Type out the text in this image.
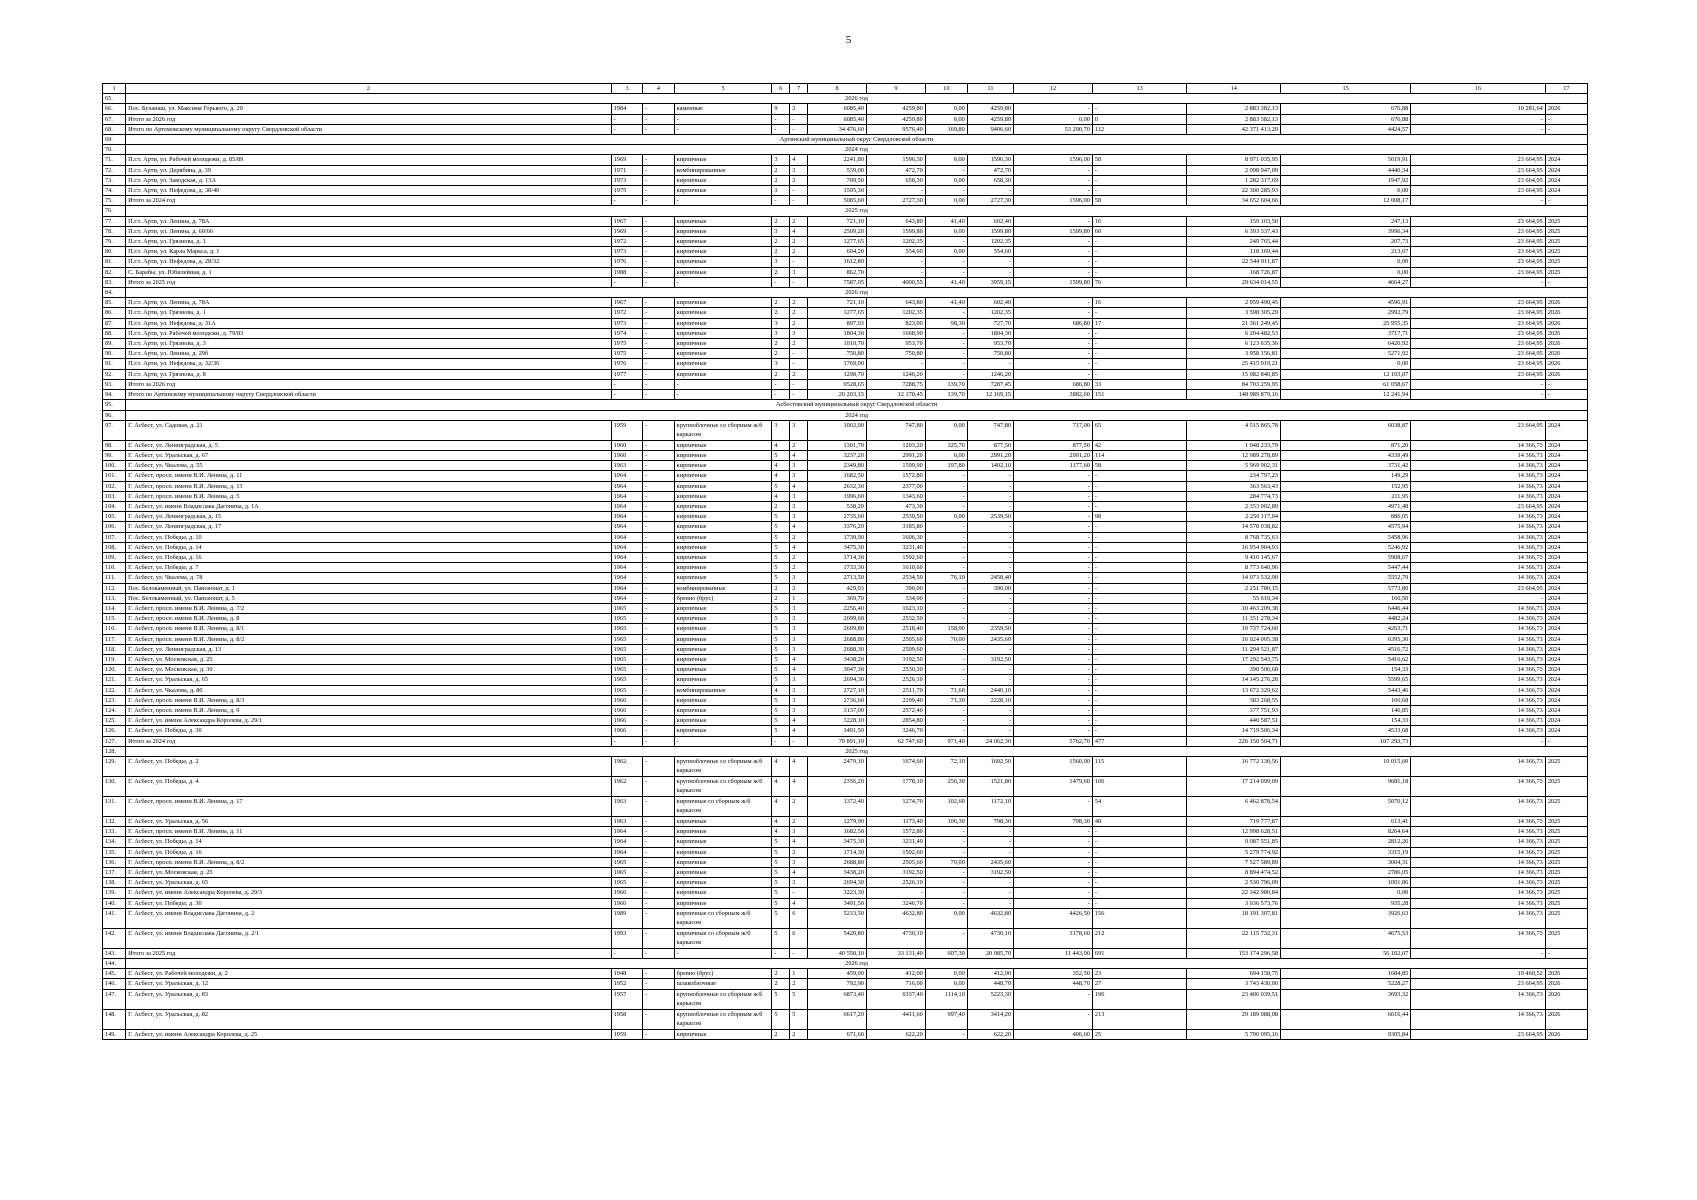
5
1	2	3	4	5	6	7	8	9	10	11	12	13	14	15	16	17
65.	2026 год															
66.	Пос. Буланаш, ул. Максима Горького, д. 29	1984	-	каменные	9	2	6085,40	4259,80	0,00	4259,80	-	-	2 883 382,13	676,88	10 281,64	2026
67.	Итого за 2026 год	-	-	-	-	-	6085,40	4259,80	0,00	4259,80	0,00	0	2 883 382,13	676,88	-	-
68.	Итого по Артемовскому муниципальному округу Свердловской области	-	-	-	-	-	34 476,60	9576,40	169,80	9406,60	53 290,70	112	42 371 413,20	4424,57	-	-
69.	Артинский муниципальный округ Свердловской области															
70.	2024 год															
71.	П.г.т. Арти, ул. Рабочей молодежи, д. 85/89	1969	-	кирпичные	3	4	2241,80	1596,30	0,00	1596,30	1596,00	58	8 971 035,95	5619,91	23 664,95	2024
72.	П.г.т. Арти, ул. Дерябина, д. 39	1971	-	комбинированные	2	3	539,00	472,70	-	472,70	-	-	2 098 947,09	4440,34	23 664,95	2024
73.	П.г.т. Арти, ул. Заводская, д. 13А	1973	-	кирпичные	2	2	709,50	658,30	0,00	658,30	-	-	1 282 317,69	1947,92	23 664,95	2024
74.	П.г.т. Арти, ул. Нефедова, д. 38/40	1975	-	кирпичные	3	-	1595,30	-	-	-	-	-	22 300 285,93	0,00	23 664,95	2024
75.	Итого за 2024 год	-	-	-	-	-	5085,60	2727,30	0,00	2727,30	1596,00	58	34 652 604,66	12 008,17	-	-
76.	2025 год															
77.	П.г.т. Арти, ул. Ленина, д. 78А	1967	-	кирпичные	2	2	721,10	643,80	41,40	602,40	-	16	159 103,50	247,13	23 664,95	2025
78.	П.г.т. Арти, ул. Ленина, д. 60/66	1969	-	кирпичные	3	4	2509,20	1599,80	0,00	1599,80	1599,80	60	6 393 337,43	3996,34	23 664,95	2025
79.	П.г.т. Арти, ул. Грязнова, д. 1	1972	-	кирпичные	2	2	1277,65	1202,35	-	1202,35	-	-	249 765,44	207,73	23 664,95	2025
80.	П.г.т. Арти, ул. Карла Маркса, д. 1	1973	-	кирпичные	2	2	604,20	554,60	0,00	554,60	-	-	118 169,44	213,07	23 664,95	2025
81.	П.г.т. Арти, ул. Нефедова, д. 28/32	1976	-	кирпичные	3	-	1612,80	-	-	-	-	-	22 544 911,87	0,00	23 664,95	2025
82.	С. Барабы, ул. Юбилейная, д. 1	1988	-	кирпичные	2	3	862,70	-	-	-	-	-	168 726,87	0,00	23 664,95	2025
83.	Итого за 2025 год	-	-	-	-	-	7587,05	4000,55	41,40	3959,15	1599,80	76	29 634 014,55	4664,27	-	-
84.	2026 год															
85.	П.г.т. Арти, ул. Ленина, д. 78А	1967	-	кирпичные	2	2	721,10	643,80	41,40	602,40	-	16	2 959 490,45	4596,91	23 664,95	2026
86.	П.г.т. Арти, ул. Грязнова, д. 1	1972	-	кирпичные	2	2	1277,65	1202,35	-	1202,35	-	-	3 598 305,29	2992,79	23 664,95	2026
87.	П.г.т. Арти, ул. Нефедова, д. 31А	1973	-	кирпичные	3	2	897,03	823,00	98,30	727,70	686,80	17	21 361 249,45	25 955,35	23 664,95	2026
88.	П.г.т. Арти, ул. Рабочей молодежи, д. 79/83	1974	-	кирпичные	3	3	1804,30	1668,90	-	1804,30	-	-	6 204 482,53	3717,71	23 664,95	2026
89.	П.г.т. Арти, ул. Грязнова, д. 3	1975	-	кирпичные	2	2	1010,70	953,70	-	953,70	-	-	6 123 635,36	6420,92	23 664,95	2026
90.	П.г.т. Арти, ул. Ленина, д. 29б	1975	-	кирпичные	2	-	750,80	750,80	-	750,80	-	-	3 958 156,81	5271,92	23 664,95	2026
91.	П.г.т. Арти, ул. Нефедова, д. 32/36	1976	-	кирпичные	3	-	1769,00	-	-	-	-	-	25 415 019,21	0,00	23 664,95	2026
92.	П.г.т. Арти, ул. Грязнова, д. 8	1977	-	кирпичные	2	2	1298,70	1246,20	-	1246,20	-	-	15 082 840,85	12 103,07	23 664,95	2026
93.	Итого за 2026 год	-	-	-	-	-	9528,65	7288,75	139,70	7287,45	686,80	33	84 703 259,95	61 058,67	-	-
94.	Итого по Артинскому муниципальному округу Свердловской области	-	-	-	-	-	20 203,15	12 170,45	139,70	12 169,15	3882,60	151	148 989 879,16	12 241,94	-	-
95.	Асбестовский муниципальный округ Свердловской области															
96.	2024 год															
97.	Г. Асбест, ул. Садовая, д. 21	1959	-	крупноблочные со сборным ж/б каркасом	3	3	1002,00	747,80	0,00	747,80	717,00	65	4 515 865,78	6038,87	23 664,95	2024
98.	Г. Асбест, ул. Ленинградская, д. 5	1960	-	кирпичные	4	2	1301,70	1203,20	325,70	877,50	877,50	42	1 048 233,79	871,20	14 366,73	2024
99.	Г. Асбест, ул. Уральская, д. 67	1960	-	кирпичные	5	4	3237,20	2991,20	0,00	2991,20	2991,20	114	12 989 278,89	4339,49	14 366,73	2024
100.	Г. Асбест, ул. Чкалова, д. 55	1963	-	кирпичные	4	3	2349,80	1599,90	197,80	1402,10	1177,60	58	5 969 902,31	3731,42	14 366,73	2024
101.	Г. Асбест, просп. имени В.И. Ленина, д. 11	1964	-	кирпичные	4	3	1682,50	1572,80	-	-	-	-	234 797,23	149,29	14 366,73	2024
102.	Г. Асбест, просп. имени В.И. Ленина, д. 13	1964	-	кирпичные	5	4	2632,30	2377,00	-	-	-	-	363 563,43	152,95	14 366,73	2024
103.	Г. Асбест, просп. имени В.И. Ленина, д. 5	1964	-	кирпичные	4	3	1996,60	1343,60	-	-	-	-	284 774,73	211,95	14 366,73	2024
104.	Г. Асбест, ул. имени Владислава Дагонина, д. 1А	1964	-	кирпичные	2	3	538,20	473,30	-	-	-	-	2 353 002,89	4971,48	23 664,95	2024
105.	Г. Асбест, ул. Ленинградская, д. 15	1964	-	кирпичные	5	3	2735,60	2539,50	0,00	2539,50	-	98	2 250 117,04	886,05	14 366,73	2024
106.	Г. Асбест, ул. Ленинградская, д. 17	1964	-	кирпичные	5	4	3376,20	3185,80	-	-	-	-	14 578 038,82	4575,94	14 366,73	2024
107.	Г. Асбест, ул. Победы, д. 10	1964	-	кирпичные	5	2	1730,90	1606,30	-	-	-	-	8 768 735,63	5458,96	14 366,73	2024
108.	Г. Асбест, ул. Победы, д. 14	1964	-	кирпичные	5	4	3475,30	3231,40	-	-	-	-	16 954 904,93	5246,92	14 366,73	2024
109.	Г. Асбест, ул. Победы, д. 16	1964	-	кирпичные	5	2	1714,30	1592,60	-	-	-	-	9 410 145,67	5908,67	14 366,73	2024
110.	Г. Асбест, ул. Победы, д. 7	1964	-	кирпичные	5	2	1733,30	1610,60	-	-	-	-	8 773 640,96	5447,44	14 366,73	2024
111.	Г. Асбест, ул. Чкалова, д. 78	1964	-	кирпичные	5	3	2713,50	2534,50	76,10	2458,40	-	-	14 073 532,90	5552,79	14 366,73	2024
112.	Пос. Белокаменный, ул. Пансионат, д. 1	1964	-	комбинированные	2	2	429,03	390,00	-	390,00	-	-	2 251 780,15	5773,80	23 664,95	2024
113.	Пос. Белокаменный, ул. Пансионат, д. 5	1964	-	бревно (брус)	2	1	369,70	334,00	-	-	-	-	55 610,34	166,50	-	2024
114.	Г. Асбест, просп. имени В.И. Ленина, д. 7/2	1965	-	кирпичные	5	3	2256,40	1623,10	-	-	-	-	10 463 209,38	6446,44	14 366,73	2024
115.	Г. Асбест, просп. имени В.И. Ленина, д. 8	1965	-	кирпичные	5	3	2699,60	2532,50	-	-	-	-	11 351 278,34	4482,24	14 366,73	2024
116.	Г. Асбест, просп. имени В.И. Ленина, д. 8/1	1965	-	кирпичные	5	3	2609,80	2518,40	158,90	2359,50	-	-	10 737 724,60	4263,71	14 366,73	2024
117.	Г. Асбест, просп. имени В.И. Ленина, д. 8/2	1965	-	кирпичные	5	3	2688,80	2505,60	70,00	2435,60	-	-	16 024 005,38	6395,30	14 366,73	2024
118.	Г. Асбест, ул. Ленинградская, д. 13	1965	-	кирпичные	5	3	2688,30	2509,60	-	-	-	-	11 294 521,87	4516,72	14 366,73	2024
119.	Г. Асбест, ул. Московская, д. 25	1965	-	кирпичные	5	4	3438,20	3192,50	-	3192,50	-	-	17 292 543,75	5416,62	14 366,73	2024
120.	Г. Асбест, ул. Московская, д. 30	1965	-	кирпичные	5	4	3047,30	2530,30	-	-	-	-	390 506,68	154,33	14 366,73	2024
121.	Г. Асбест, ул. Уральская, д. 65	1965	-	кирпичные	5	3	2694,30	2526,10	-	-	-	-	14 145 276,28	5599,65	14 366,73	2024
122.	Г. Асбест, ул. Чкалова, д. 80	1965	-	комбинированные	4	3	2727,10	2511,70	71,60	2440,10	-	-	13 672 329,62	5443,46	14 366,73	2024
123.	Г. Асбест, просп. имени В.И. Ленина, д. 8/3	1966	-	кирпичные	5	3	2736,60	2299,40	71,30	2228,10	-	-	383 268,55	166,68	14 366,73	2024
124.	Г. Асбест, просп. имени В.И. Ленина, д. 9	1966	-	кирпичные	5	3	3137,00	2572,40	-	-	-	-	377 751,93	146,85	14 366,73	2024
125.	Г. Асбест, ул. имени Александра Королева, д. 29/1	1966	-	кирпичные	5	4	3228,10	2854,80	-	-	-	-	440 587,51	154,33	14 366,73	2024
126.	Г. Асбест, ул. Победы, д. 30	1966	-	кирпичные	5	4	3491,50	3246,70	-	-	-	-	14 719 506,34	4533,68	14 366,73	2024
127.	Итого за 2024 год	-	-	-	-	-	70 891,10	62 747,60	971,40	24 062,30	5762,70	477	226 150 504,71	107 293,73	-	-
128.	2025 год															
129.	Г. Асбест, ул. Победы, д. 2	1962	-	крупноблочные со сборным ж/б каркасом	4	4	2479,10	1674,60	72,10	1602,50	1560,00	115	16 772 130,56	10 015,60	14 366,73	2025
130.	Г. Асбест, ул. Победы, д. 4	1962	-	крупноблочные со сборным ж/б каркасом	4	4	2356,20	1778,10	256,30	1521,80	1479,60	106	17 214 099,09	9681,18	14 366,73	2025
131.	Г. Асбест, просп. имени В.И. Ленина, д. 17	1963	-	кирпичные со сборным ж/б каркасом	4	2	1372,40	1274,70	102,60	1172,10	-	54	6 462 878,54	5070,12	14 366,73	2025
132.	Г. Асбест, ул. Уральская, д. 56	1963	-	кирпичные	4	2	1279,90	1173,40	106,30	798,30	798,30	48	719 777,87	613,41	14 366,73	2025
133.	Г. Асбест, просп. имени В.И. Ленина, д. 11	1964	-	кирпичные	4	3	1682,50	1572,80	-	-	-	-	12 998 628,51	8264,64	14 366,73	2025
134.	Г. Асбест, ул. Победы, д. 14	1964	-	кирпичные	5	4	3475,30	3231,40	-	-	-	-	9 087 551,85	2812,26	14 366,73	2025
135.	Г. Асбест, ул. Победы, д. 16	1964	-	кирпичные	5	2	1714,30	1592,60	-	-	-	-	5 279 774,92	3315,19	14 366,73	2025
136.	Г. Асбест, просп. имени В.И. Ленина, д. 8/2	1965	-	кирпичные	5	3	2688,80	2505,60	70,00	2435,60	-	-	7 527 589,89	3004,31	14 366,73	2025
137.	Г. Асбест, ул. Московская, д. 25	1965	-	кирпичные	5	4	3438,20	3192,50	-	3192,50	-	-	8 894 474,52	2786,05	14 366,73	2025
138.	Г. Асбест, ул. Уральская, д. 65	1965	-	кирпичные	5	3	2694,30	2526,10	-	-	-	-	2 530 796,09	1001,86	14 366,73	2025
139.	Г. Асбест, ул. имени Александра Королева, д. 29/3	1966	-	кирпичные	5	-	3223,30	-	-	-	-	-	22 342 980,84	0,00	14 366,73	2025
140.	Г. Асбест, ул. Победы, д. 30	1966	-	кирпичные	5	4	3491,50	3246,70	-	-	-	-	3 036 573,76	935,28	14 366,73	2025
141.	Г. Асбест, ул. имени Владислава Дагонина, д. 2	1989	-	кирпичные со сборным ж/б каркасом	5	6	5233,50	4632,80	0,00	4632,80	4426,50	156	18 191 307,81	3926,63	14 366,73	2025
142.	Г. Асбест, ул. имени Владислава Дагонина, д. 2/1	1993	-	кирпичные со сборным ж/б каркасом	5	6	5420,80	4730,10	-	4730,10	3178,60	212	22 115 732,31	4675,53	14 366,73	2025
143.	Итого за 2025 год	-	-	-	-	-	40 550,10	33 131,40	607,30	20 085,70	11 443,00	691	153 174 296,58	56 102,07	-	-
144.	2026 год															
145.	Г. Асбест, ул. Рабочей молодежи, д. 2	1948	-	бревно (брус)	2	1	459,00	412,00	0,00	412,00	352,50	23	694 158,75	1684,85	19 460,52	2026
146.	Г. Асбест, ул. Уральская, д. 12	1952	-	шлакоблочные	2	2	792,90	716,00	0,00	448,70	448,70	27	3 743 430,00	5228,27	23 664,95	2026
147.	Г. Асбест, ул. Уральская, д. 83	1957	-	крупноблочные со сборным ж/б каркасом	5	5	6873,40	6337,40	1114,10	5223,30	-	196	23 406 039,51	3693,32	14 366,73	2026
148.	Г. Асбест, ул. Уральская, д. 82	1958	-	крупноблочные со сборным ж/б каркасом	5	5	6617,20	4411,60	997,40	3414,20	-	213	29 189 088,08	6616,44	14 366,73	2026
149.	Г. Асбест, ул. имени Александра Королева, д. 25	1959	-	кирпичные	2	2	671,60	622,20	-	622,20	406,60	25	5 790 095,16	9305,84	23 664,95	2026
